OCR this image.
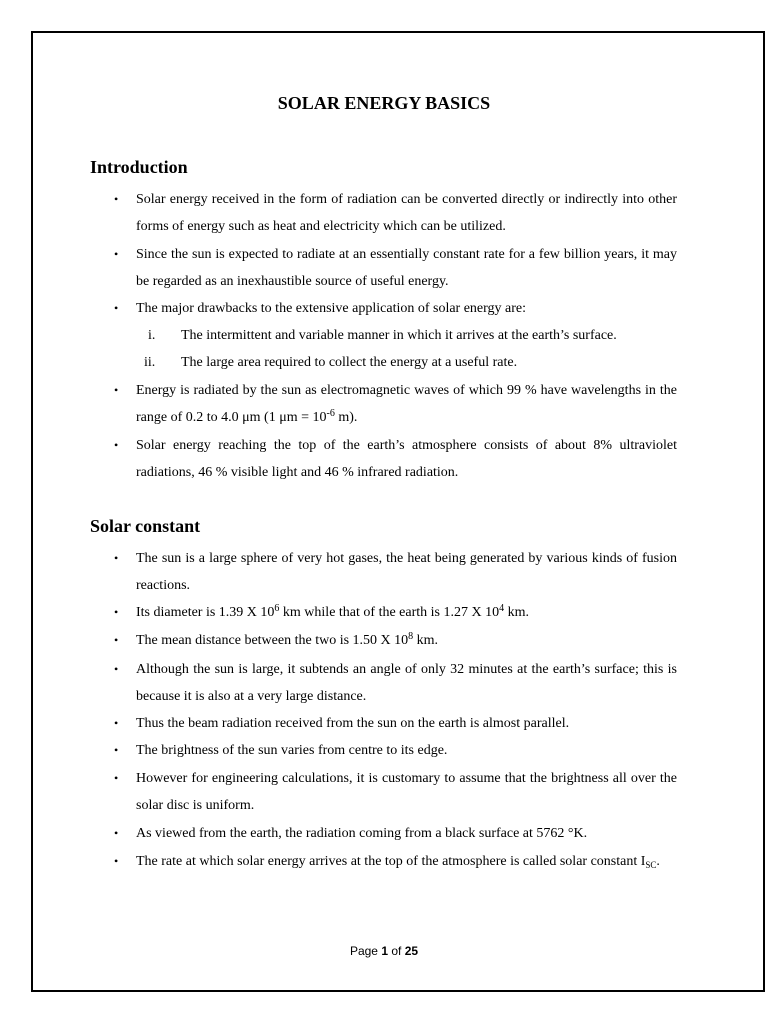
SOLAR ENERGY BASICS
Introduction

• Solar energy received in the form of radiation can be converted directly or indirectly into other forms of energy such as heat and electricity which can be utilized.

• Since the sun is expected to radiate at an essentially constant rate for a few billion years, it may be regarded as an inexhaustible source of useful energy.

• The major drawbacks to the extensive application of solar energy are:

i. The intermittent and variable manner in which it arrives at the earth’s surface.

ii. The large area required to collect the energy at a useful rate.

• Energy is radiated by the sun as electromagnetic waves of which 99 % have wavelengths in the range of 0.2 to 4.0 μm (1 $\mu m = 10^{-6}$ m).

• Solar energy reaching the top of the earth’s atmosphere consists of about 8% ultraviolet radiations, 46 % visible light and 46 % infrared radiation.

Solar constant

• The sun is a large sphere of very hot gases, the heat being generated by various kinds of fusion reactions.

• Its diameter is 1.39 X $10^6$ km while that of the earth is 1.27 X $10^4$ km.

• The mean distance between the two is 1.50 X $10^8$ km.

• Although the sun is large, it subtends an angle of only 32 minutes at the earth’s surface; this is because it is also at a very large distance.

• Thus the beam radiation received from the sun on the earth is almost parallel.

• The brightness of the sun varies from centre to its edge.

• However for engineering calculations, it is customary to assume that the brightness all over the solar disc is uniform.

• As viewed from the earth, the radiation coming from a black surface at 5762 °K.

• The rate at which solar energy arrives at the top of the atmosphere is called solar constant $I_{SC}$.

Page 1 of 25
